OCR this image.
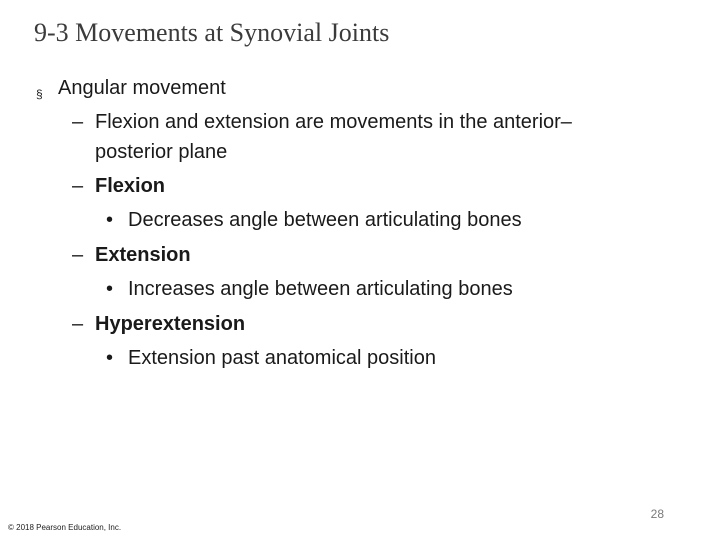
9-3 Movements at Synovial Joints
§ Angular movement
– Flexion and extension are movements in the anterior–
posterior plane
– Flexion
• Decreases angle between articulating bones
– Extension
• Increases angle between articulating bones
– Hyperextension
• Extension past anatomical position
28
© 2018 Pearson Education, Inc.
